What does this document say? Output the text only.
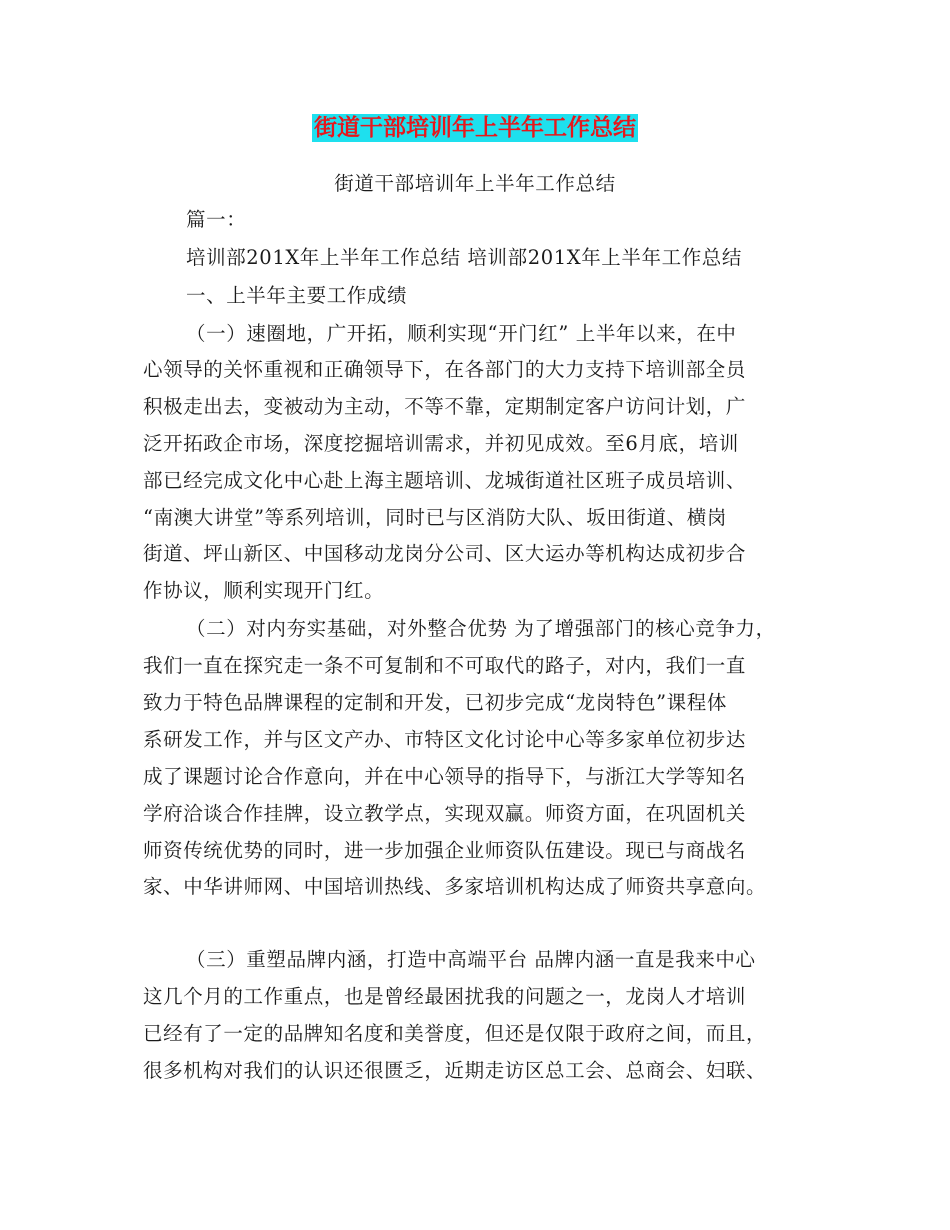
街道干部培训年上半年工作总结

街道干部培训年上半年工作总结

篇一：

培训部201X年上半年工作总结 培训部201X年上半年工作总结

一、上半年主要工作成绩

（一）速圈地，广开拓，顺利实现“开门红” 上半年以来，在中

心领导的关怀重视和正确领导下，在各部门的大力支持下培训部全员

积极走出去，变被动为主动，不等不靠，定期制定客户访问计划，广

泛开拓政企市场，深度挖掘培训需求，并初见成效。至6月底，培训

部已经完成文化中心赴上海主题培训、龙城街道社区班子成员培训、

“南澳大讲堂”等系列培训，同时已与区消防大队、坂田街道、横岗

街道、坪山新区、中国移动龙岗分公司、区大运办等机构达成初步合

作协议，顺利实现开门红。

（二）对内夯实基础，对外整合优势 为了增强部门的核心竞争力，

我们一直在探究走一条不可复制和不可取代的路子，对内，我们一直

致力于特色品牌课程的定制和开发，已初步完成“龙岗特色”课程体

系研发工作，并与区文产办、市特区文化讨论中心等多家单位初步达

成了课题讨论合作意向，并在中心领导的指导下，与浙江大学等知名

学府洽谈合作挂牌，设立教学点，实现双赢。师资方面，在巩固机关

师资传统优势的同时，进一步加强企业师资队伍建设。现已与商战名

家、中华讲师网、中国培训热线、多家培训机构达成了师资共享意向。

（三）重塑品牌内涵，打造中高端平台 品牌内涵一直是我来中心

这几个月的工作重点，也是曾经最困扰我的问题之一，龙岗人才培训

已经有了一定的品牌知名度和美誉度，但还是仅限于政府之间，而且，

很多机构对我们的认识还很匮乏，近期走访区总工会、总商会、妇联、
